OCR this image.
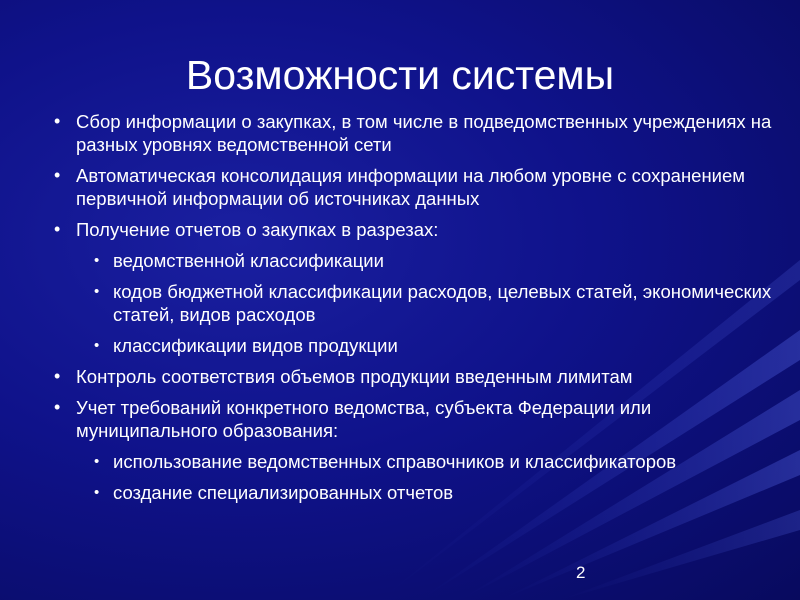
Возможности системы
• Сбор информации о закупках, в том числе в подведомственных учреждениях на разных уровнях ведомственной сети
• Автоматическая консолидация информации на любом уровне с сохранением первичной информации об источниках данных
• Получение отчетов о закупках в разрезах:
• ведомственной классификации
• кодов бюджетной классификации расходов, целевых статей, экономических статей, видов расходов
• классификации видов продукции
• Контроль соответствия объемов продукции введенным лимитам
• Учет требований конкретного ведомства, субъекта Федерации или муниципального образования:
• использование ведомственных справочников и классификаторов
• создание специализированных отчетов
2
